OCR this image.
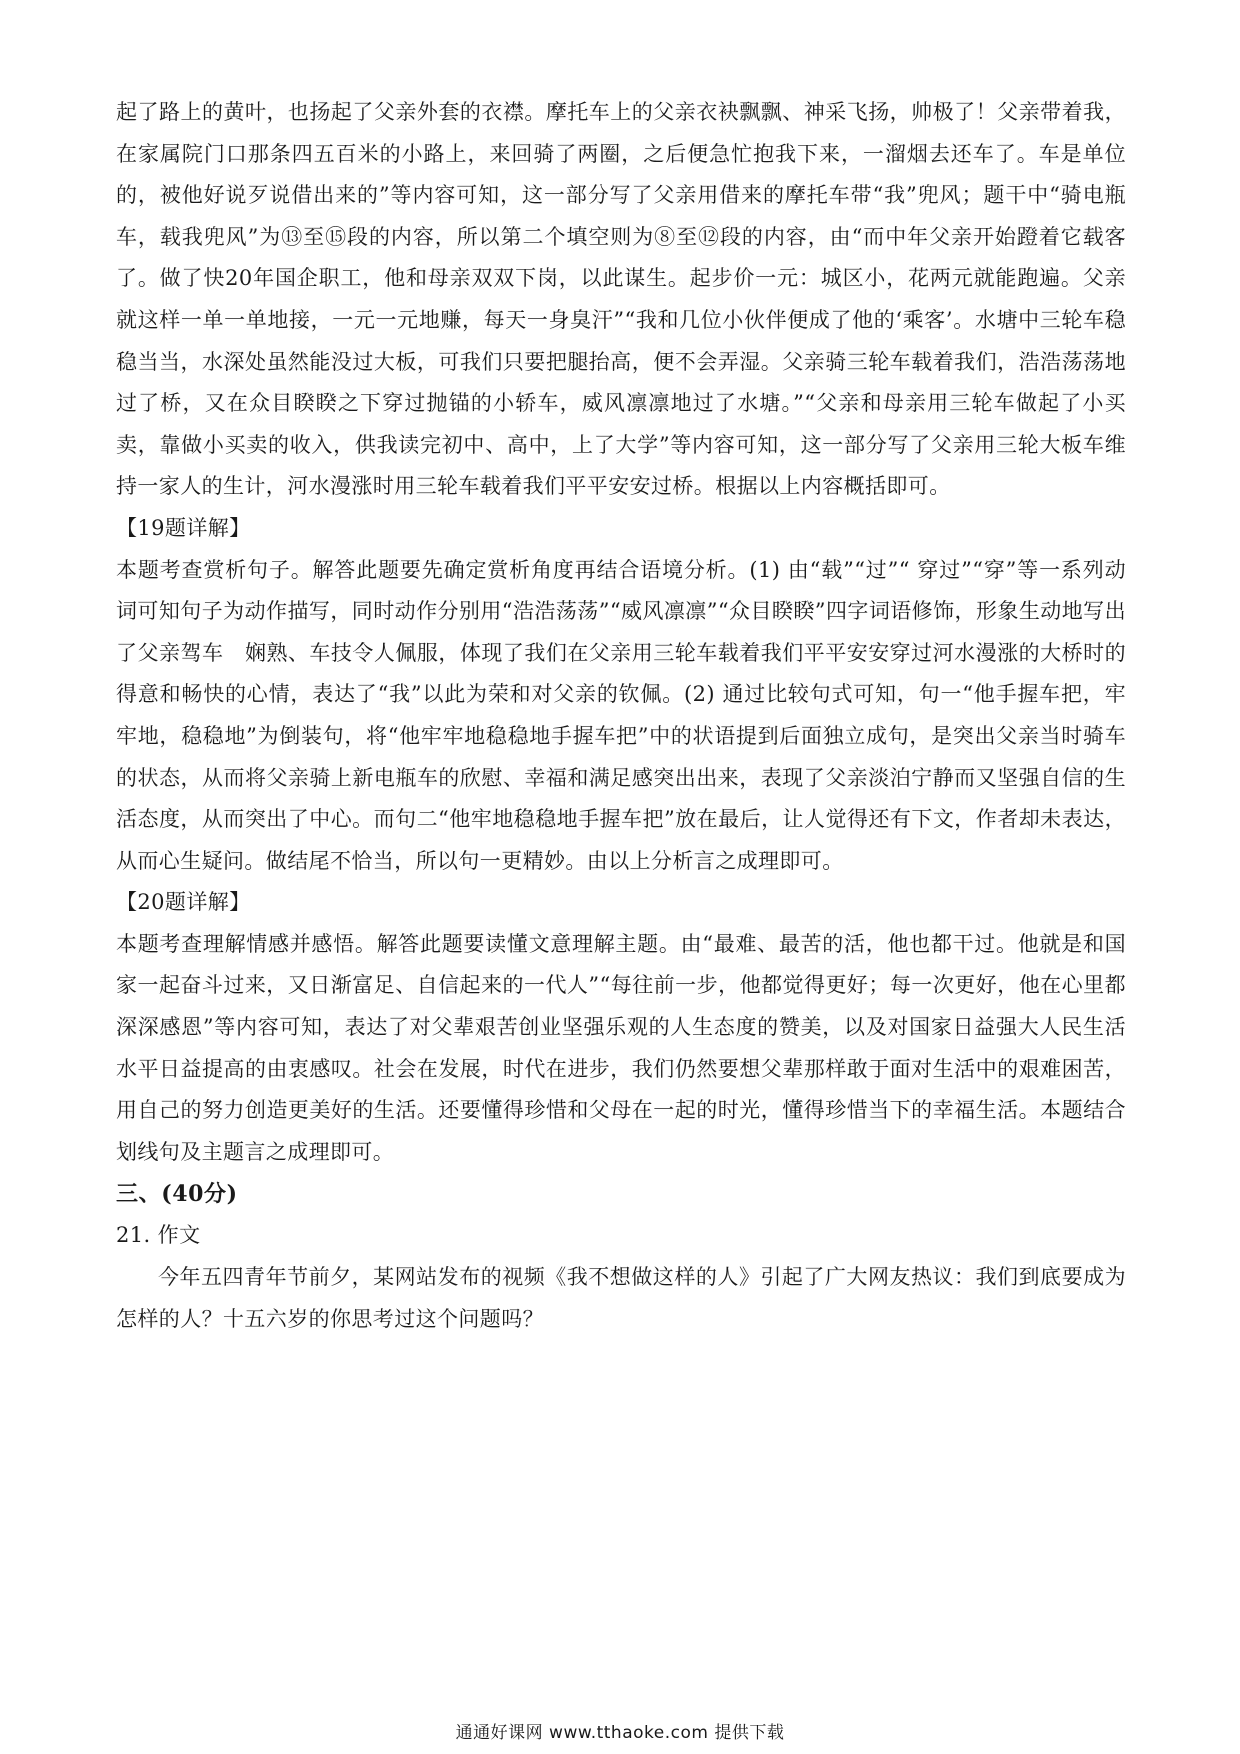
起了路上的黄叶，也扬起了父亲外套的衣襟。摩托车上的父亲衣袂飘飘、神采飞扬，帅极了！父亲带着我，在家属院门口那条四五百米的小路上，来回骑了两圈，之后便急忙抱我下来，一溜烟去还车了。车是单位的，被他好说歹说借出来的”等内容可知，这一部分写了父亲用借来的摩托车带“我”兜风；题干中“骑电瓶车，载我兜风”为⑬至⑮段的内容，所以第二个填空则为⑧至⑫段的内容，由“而中年父亲开始蹬着它载客了。做了快20年国企职工，他和母亲双双下岗，以此谋生。起步价一元：城区小，花两元就能跑遍。父亲就这样一单一单地接，一元一元地赚，每天一身臭汗”“我和几位小伙伴便成了他的‘乘客’。水塘中三轮车稳稳当当，水深处虽然能没过大板，可我们只要把腿抬高，便不会弄湿。父亲骑三轮车载着我们，浩浩荡荡地过了桥，又在众目睽睽之下穿过抛锚的小轿车，威风凛凛地过了水塘。”“父亲和母亲用三轮车做起了小买卖，靠做小买卖的收入，供我读完初中、高中，上了大学”等内容可知，这一部分写了父亲用三轮大板车维持一家人的生计，河水漫涨时用三轮车载着我们平平安安过桥。根据以上内容概括即可。

【19题详解】

本题考查赏析句子。解答此题要先确定赏析角度再结合语境分析。(1) 由“载”“过”“ 穿过”“穿”等一系列动词可知句子为动作描写，同时动作分别用“浩浩荡荡”“威风凛凛”“众目睽睽”四字词语修饰，形象生动地写出了父亲驾车　娴熟、车技令人佩服，体现了我们在父亲用三轮车载着我们平平安安穿过河水漫涨的大桥时的得意和畅快的心情，表达了“我”以此为荣和对父亲的钦佩。(2) 通过比较句式可知，句一“他手握车把，牢牢地，稳稳地”为倒装句，将“他牢牢地稳稳地手握车把”中的状语提到后面独立成句，是突出父亲当时骑车的状态，从而将父亲骑上新电瓶车的欣慰、幸福和满足感突出出来，表现了父亲淡泊宁静而又坚强自信的生活态度，从而突出了中心。而句二“他牢地稳稳地手握车把”放在最后，让人觉得还有下文，作者却未表达，从而心生疑问。做结尾不恰当，所以句一更精妙。由以上分析言之成理即可。

【20题详解】

本题考查理解情感并感悟。解答此题要读懂文意理解主题。由“最难、最苦的活，他也都干过。他就是和国家一起奋斗过来，又日渐富足、自信起来的一代人”“每往前一步，他都觉得更好；每一次更好，他在心里都深深感恩”等内容可知，表达了对父辈艰苦创业坚强乐观的人生态度的赞美，以及对国家日益强大人民生活水平日益提高的由衷感叹。社会在发展，时代在进步，我们仍然要想父辈那样敢于面对生活中的艰难困苦，用自己的努力创造更美好的生活。还要懂得珍惜和父母在一起的时光，懂得珍惜当下的幸福生活。本题结合划线句及主题言之成理即可。

三、(40分)

21. 作文

今年五四青年节前夕，某网站发布的视频《我不想做这样的人》引起了广大网友热议：我们到底要成为怎样的人？十五六岁的你思考过这个问题吗？

通通好课网 www.tthaoke.com 提供下载
